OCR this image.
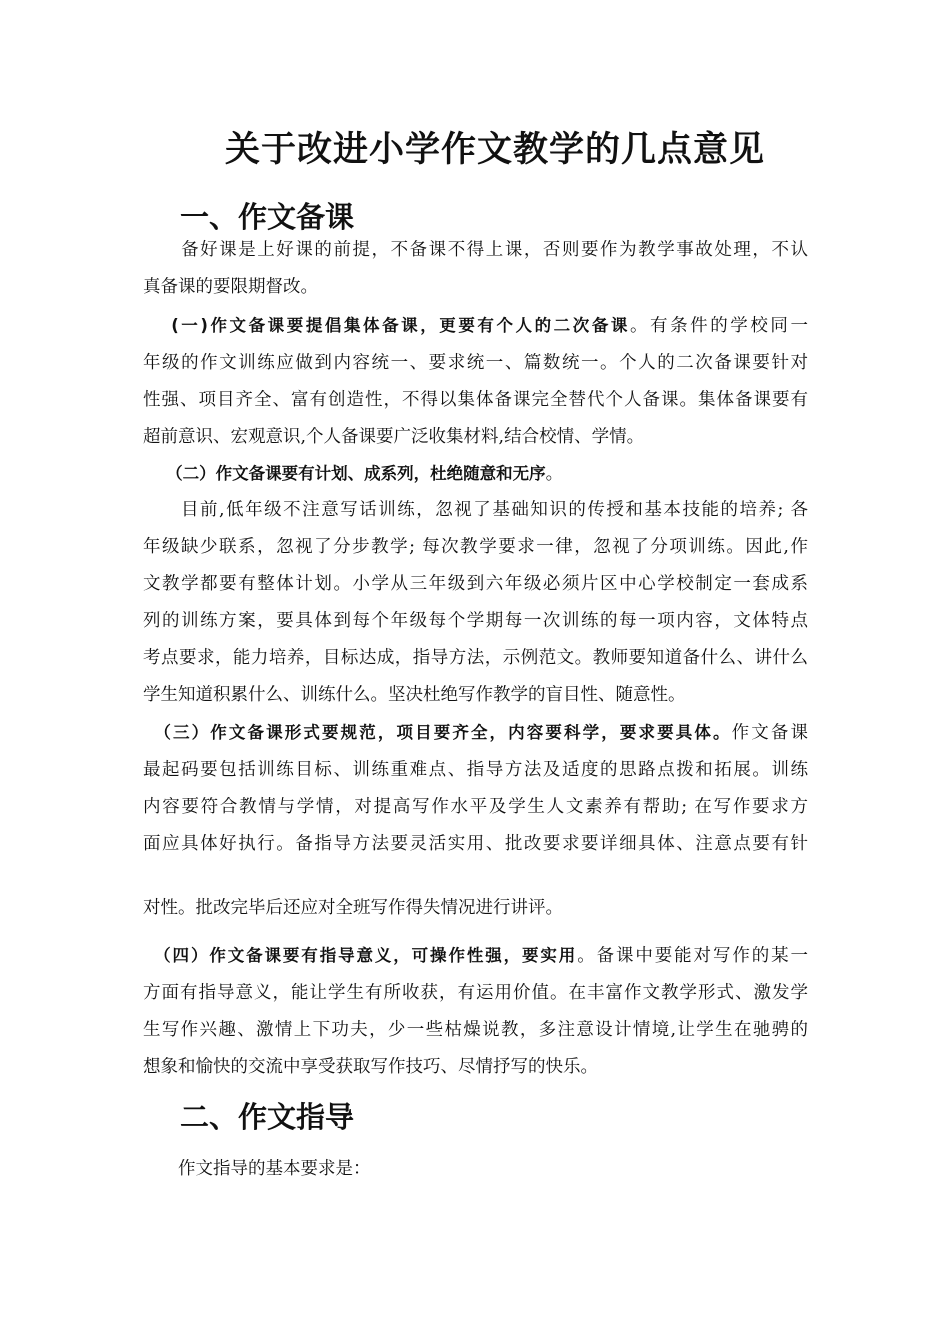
关于改进小学作文教学的几点意见
一、作文备课
　　备好课是上好课的前提，不备课不得上课，否则要作为教学事故处理，不认
真备课的要限期督改。
　 (一)作文备课要提倡集体备课，更要有个人的二次备课。有条件的学校同一
年级的作文训练应做到内容统一、要求统一、篇数统一。个人的二次备课要针对
性强、项目齐全、富有创造性，不得以集体备课完全替代个人备课。集体备课要有
超前意识、宏观意识,个人备课要广泛收集材料,结合校情、学情。
　 （二）作文备课要有计划、成系列，杜绝随意和无序。
　　目前,低年级不注意写话训练，忽视了基础知识的传授和基本技能的培养; 各
年级缺少联系，忽视了分步教学; 每次教学要求一律，忽视了分项训练。因此,作
文教学都要有整体计划。小学从三年级到六年级必须片区中心学校制定一套成系
列的训练方案，要具体到每个年级每个学期每一次训练的每一项内容，文体特点
考点要求，能力培养，目标达成，指导方法，示例范文。教师要知道备什么、讲什么
学生知道积累什么、训练什么。坚决杜绝写作教学的盲目性、随意性。
　（三）作文备课形式要规范，项目要齐全，内容要科学，要求要具体。作文备课
最起码要包括训练目标、训练重难点、指导方法及适度的思路点拨和拓展。训练
内容要符合教情与学情，对提高写作水平及学生人文素养有帮助; 在写作要求方
面应具体好执行。备指导方法要灵活实用、批改要求要详细具体、注意点要有针
对性。批改完毕后还应对全班写作得失情况进行讲评。
　（四）作文备课要有指导意义，可操作性强，要实用。备课中要能对写作的某一
方面有指导意义，能让学生有所收获，有运用价值。在丰富作文教学形式、激发学
生写作兴趣、激情上下功夫，少一些枯燥说教，多注意设计情境,让学生在驰骋的
想象和愉快的交流中享受获取写作技巧、尽情抒写的快乐。
二、作文指导
　　作文指导的基本要求是：
